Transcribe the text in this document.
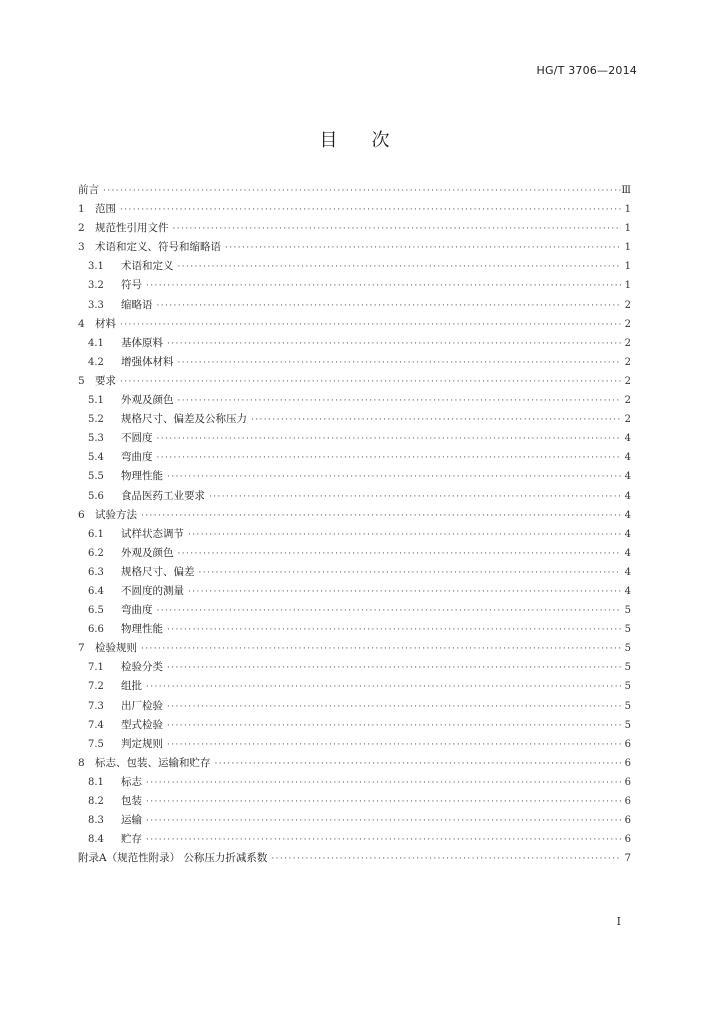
HG/T 3706—2014
目次
前言 ·····	Ⅲ
1 范围 ·····	1
2 规范性引用文件 ·····	1
3 术语和定义、符号和缩略语 ·····	1
3.1	术语和定义 ·····	1
3.2	符号 ·····	1
3.3	缩略语 ·····	2
4 材料 ·····	2
4.1	基体原料 ·····	2
4.2	增强体材料 ·····	2
5 要求 ·····	2
5.1	外观及颜色 ·····	2
5.2	规格尺寸、偏差及公称压力 ·····	2
5.3	不圆度 ·····	4
5.4	弯曲度 ·····	4
5.5	物理性能 ·····	4
5.6	食品医药工业要求 ·····	4
6 试验方法 ·····	4
6.1	试样状态调节 ·····	4
6.2	外观及颜色 ·····	4
6.3	规格尺寸、偏差 ·····	4
6.4	不圆度的测量 ·····	4
6.5	弯曲度 ·····	5
6.6	物理性能 ·····	5
7 检验规则 ·····	5
7.1	检验分类 ·····	5
7.2	组批 ·····	5
7.3	出厂检验 ·····	5
7.4	型式检验 ·····	5
7.5	判定规则 ·····	6
8 标志、包装、运输和贮存 ·····	6
8.1	标志 ·····	6
8.2	包装 ·····	6
8.3	运输 ·····	6
8.4	贮存 ·····	6
附录A（规范性附录） 公称压力折减系数 ·····	7
I
